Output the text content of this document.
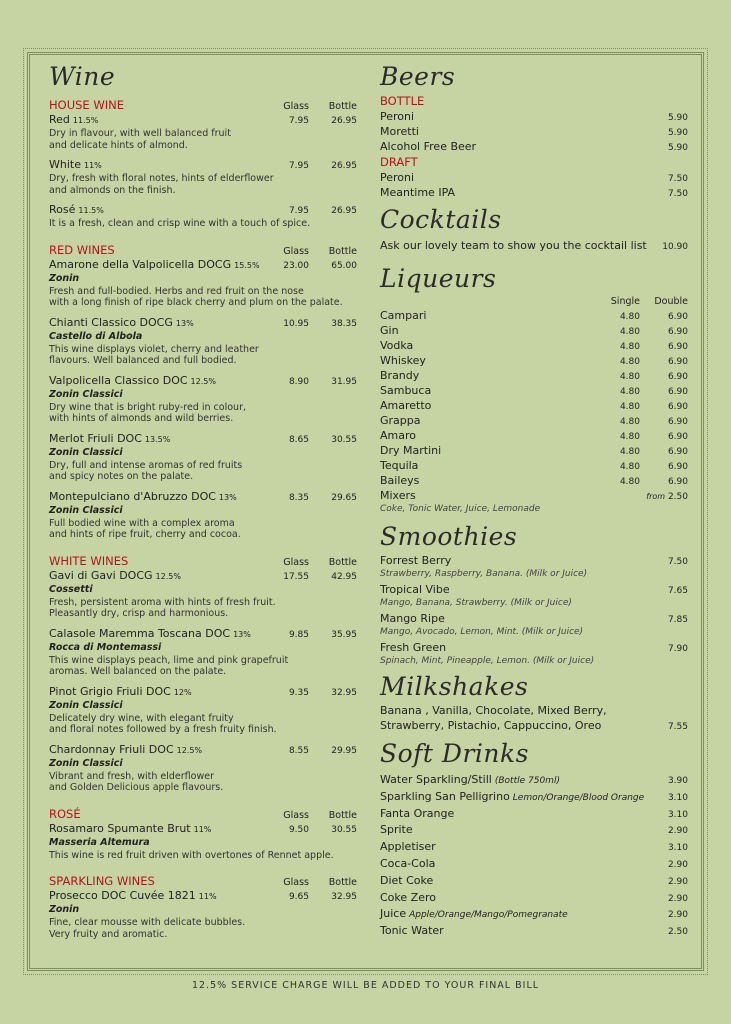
Wine
HOUSE WINE	Glass	Bottle
Red 11.5%	7.95	26.95
Dry in flavour, with well balanced fruit
and delicate hints of almond.
White 11%	7.95	26.95
Dry, fresh with floral notes, hints of elderflower
and almonds on the finish.
Rosé 11.5%	7.95	26.95
It is a fresh, clean and crisp wine with a touch of spice.
RED WINES	Glass	Bottle
Amarone della Valpolicella DOCG 15.5%	23.00	65.00
Zonin
Fresh and full-bodied. Herbs and red fruit on the nose
with a long finish of ripe black cherry and plum on the palate.
Chianti Classico DOCG 13%	10.95	38.35
Castello di Albola
This wine displays violet, cherry and leather
flavours. Well balanced and full bodied.
Valpolicella Classico DOC 12.5%	8.90	31.95
Zonin Classici
Dry wine that is bright ruby-red in colour,
with hints of almonds and wild berries.
Merlot Friuli DOC 13.5%	8.65	30.55
Zonin Classici
Dry, full and intense aromas of red fruits
and spicy notes on the palate.
Montepulciano d'Abruzzo DOC 13%	8.35	29.65
Zonin Classici
Full bodied wine with a complex aroma
and hints of ripe fruit, cherry and cocoa.
WHITE WINES	Glass	Bottle
Gavi di Gavi DOCG 12.5%	17.55	42.95
Cossetti
Fresh, persistent aroma with hints of fresh fruit.
Pleasantly dry, crisp and harmonious.
Calasole Maremma Toscana DOC 13%	9.85	35.95
Rocca di Montemassi
This wine displays peach, lime and pink grapefruit
aromas. Well balanced on the palate.
Pinot Grigio Friuli DOC 12%	9.35	32.95
Zonin Classici
Delicately dry wine, with elegant fruity
and floral notes followed by a fresh fruity finish.
Chardonnay Friuli DOC 12.5%	8.55	29.95
Zonin Classici
Vibrant and fresh, with elderflower
and Golden Delicious apple flavours.
ROSÉ	Glass	Bottle
Rosamaro Spumante Brut 11%	9.50	30.55
Masseria Altemura
This wine is red fruit driven with overtones of Rennet apple.
SPARKLING WINES	Glass	Bottle
Prosecco DOC Cuvée 1821 11%	9.65	32.95
Zonin
Fine, clear mousse with delicate bubbles.
Very fruity and aromatic.
Beers
BOTTLE
Peroni	5.90
Moretti	5.90
Alcohol Free Beer	5.90
DRAFT
Peroni	7.50
Meantime IPA	7.50
Cocktails
Ask our lovely team to show you the cocktail list	10.90
Liqueurs
Single	Double
Campari	4.80	6.90
Gin	4.80	6.90
Vodka	4.80	6.90
Whiskey	4.80	6.90
Brandy	4.80	6.90
Sambuca	4.80	6.90
Amaretto	4.80	6.90
Grappa	4.80	6.90
Amaro	4.80	6.90
Dry Martini	4.80	6.90
Tequila	4.80	6.90
Baileys	4.80	6.90
Mixers	from 2.50
Coke, Tonic Water, Juice, Lemonade
Smoothies
Forrest Berry	7.50
Strawberry, Raspberry, Banana. (Milk or Juice)
Tropical Vibe	7.65
Mango, Banana, Strawberry. (Milk or Juice)
Mango Ripe	7.85
Mango, Avocado, Lemon, Mint. (Milk or Juice)
Fresh Green	7.90
Spinach, Mint, Pineapple, Lemon. (Milk or Juice)
Milkshakes
Banana , Vanilla, Chocolate, Mixed Berry,
Strawberry, Pistachio, Cappuccino, Oreo	7.55
Soft Drinks
Water Sparkling/Still (Bottle 750ml)	3.90
Sparkling San Pelligrino Lemon/Orange/Blood Orange	3.10
Fanta Orange	3.10
Sprite	2.90
Appletiser	3.10
Coca-Cola	2.90
Diet Coke	2.90
Coke Zero	2.90
Juice Apple/Orange/Mango/Pomegranate	2.90
Tonic Water	2.50
12.5% SERVICE CHARGE WILL BE ADDED TO YOUR FINAL BILL
